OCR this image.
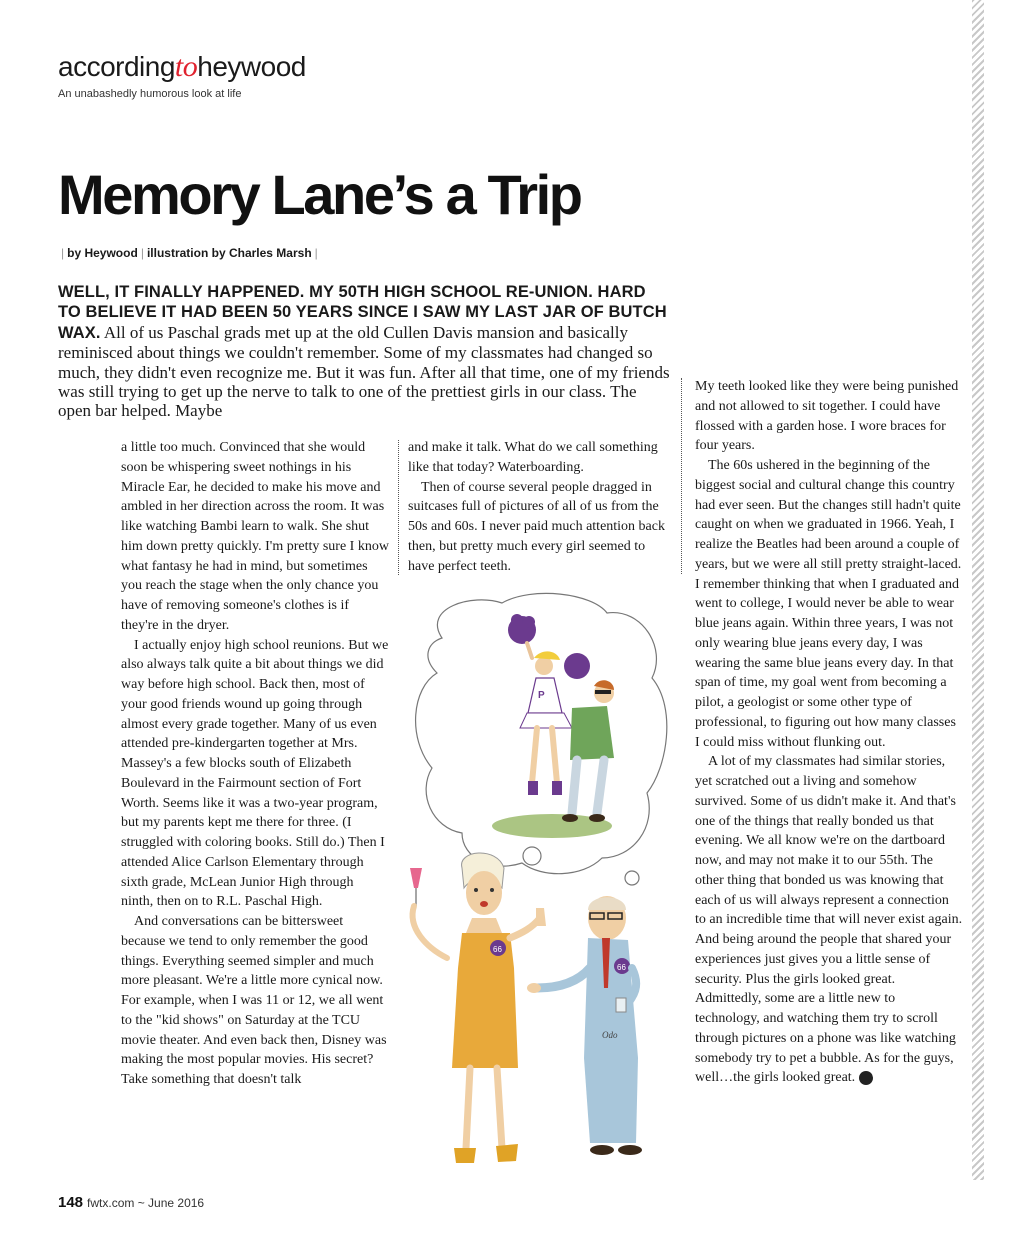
accordingtoheywood
An unabashedly humorous look at life
Memory Lane’s a Trip
| by Heywood | illustration by Charles Marsh |
WELL, IT FINALLY HAPPENED. MY 50TH HIGH SCHOOL RE-UNION. HARD TO BELIEVE IT HAD BEEN 50 YEARS SINCE I SAW MY LAST JAR OF BUTCH WAX. All of us Paschal grads met up at the old Cullen Davis mansion and basically reminisced about things we couldn't remember. Some of my classmates had changed so much, they didn't even recognize me. But it was fun. After all that time, one of my friends was still trying to get up the nerve to talk to one of the prettiest girls in our class. The open bar helped. Maybe

a little too much. Convinced that she would soon be whispering sweet nothings in his Miracle Ear, he decided to make his move and ambled in her direction across the room. It was like watching Bambi learn to walk. She shut him down pretty quickly. I'm pretty sure I know what fantasy he had in mind, but sometimes you reach the stage when the only chance you have of removing someone's clothes is if they're in the dryer.

I actually enjoy high school reunions. But we also always talk quite a bit about things we did way before high school. Back then, most of your good friends wound up going through almost every grade together. Many of us even attended pre-kindergarten together at Mrs. Massey's a few blocks south of Elizabeth Boulevard in the Fairmount section of Fort Worth. Seems like it was a two-year program, but my parents kept me there for three. (I struggled with coloring books. Still do.) Then I attended Alice Carlson Elementary through sixth grade, McLean Junior High through ninth, then on to R.L. Paschal High.

And conversations can be bittersweet because we tend to only remember the good things. Everything seemed simpler and much more pleasant. We're a little more cynical now. For example, when I was 11 or 12, we all went to the "kid shows" on Saturday at the TCU movie theater. And even back then, Disney was making the most popular movies. His secret? Take something that doesn't talk

and make it talk. What do we call something like that today? Waterboarding.

Then of course several people dragged in suitcases full of pictures of all of us from the 50s and 60s. I never paid much attention back then, but pretty much every girl seemed to have perfect teeth.

My teeth looked like they were being punished and not allowed to sit together. I could have flossed with a garden hose. I wore braces for four years.

The 60s ushered in the beginning of the biggest social and cultural change this country had ever seen. But the changes still hadn't quite caught on when we graduated in 1966. Yeah, I realize the Beatles had been around a couple of years, but we were all still pretty straight-laced. I remember thinking that when I graduated and went to college, I would never be able to wear blue jeans again. Within three years, I was not only wearing blue jeans every day, I was wearing the same blue jeans every day. In that span of time, my goal went from becoming a pilot, a geologist or some other type of professional, to figuring out how many classes I could miss without flunking out.

A lot of my classmates had similar stories, yet scratched out a living and somehow survived. Some of us didn't make it. And that's one of the things that really bonded us that evening. We all know we're on the dartboard now, and may not make it to our 55th. The other thing that bonded us was knowing that each of us will always represent a connection to an incredible time that will never exist again. And being around the people that shared your experiences just gives you a little sense of security. Plus the girls looked great. Admittedly, some are a little new to technology, and watching them try to scroll through pictures on a phone was like watching somebody try to pet a bubble. As for the guys, well…the girls looked great. fw

P
66
66
Odo
148 fwtx.com ~ June 2016
